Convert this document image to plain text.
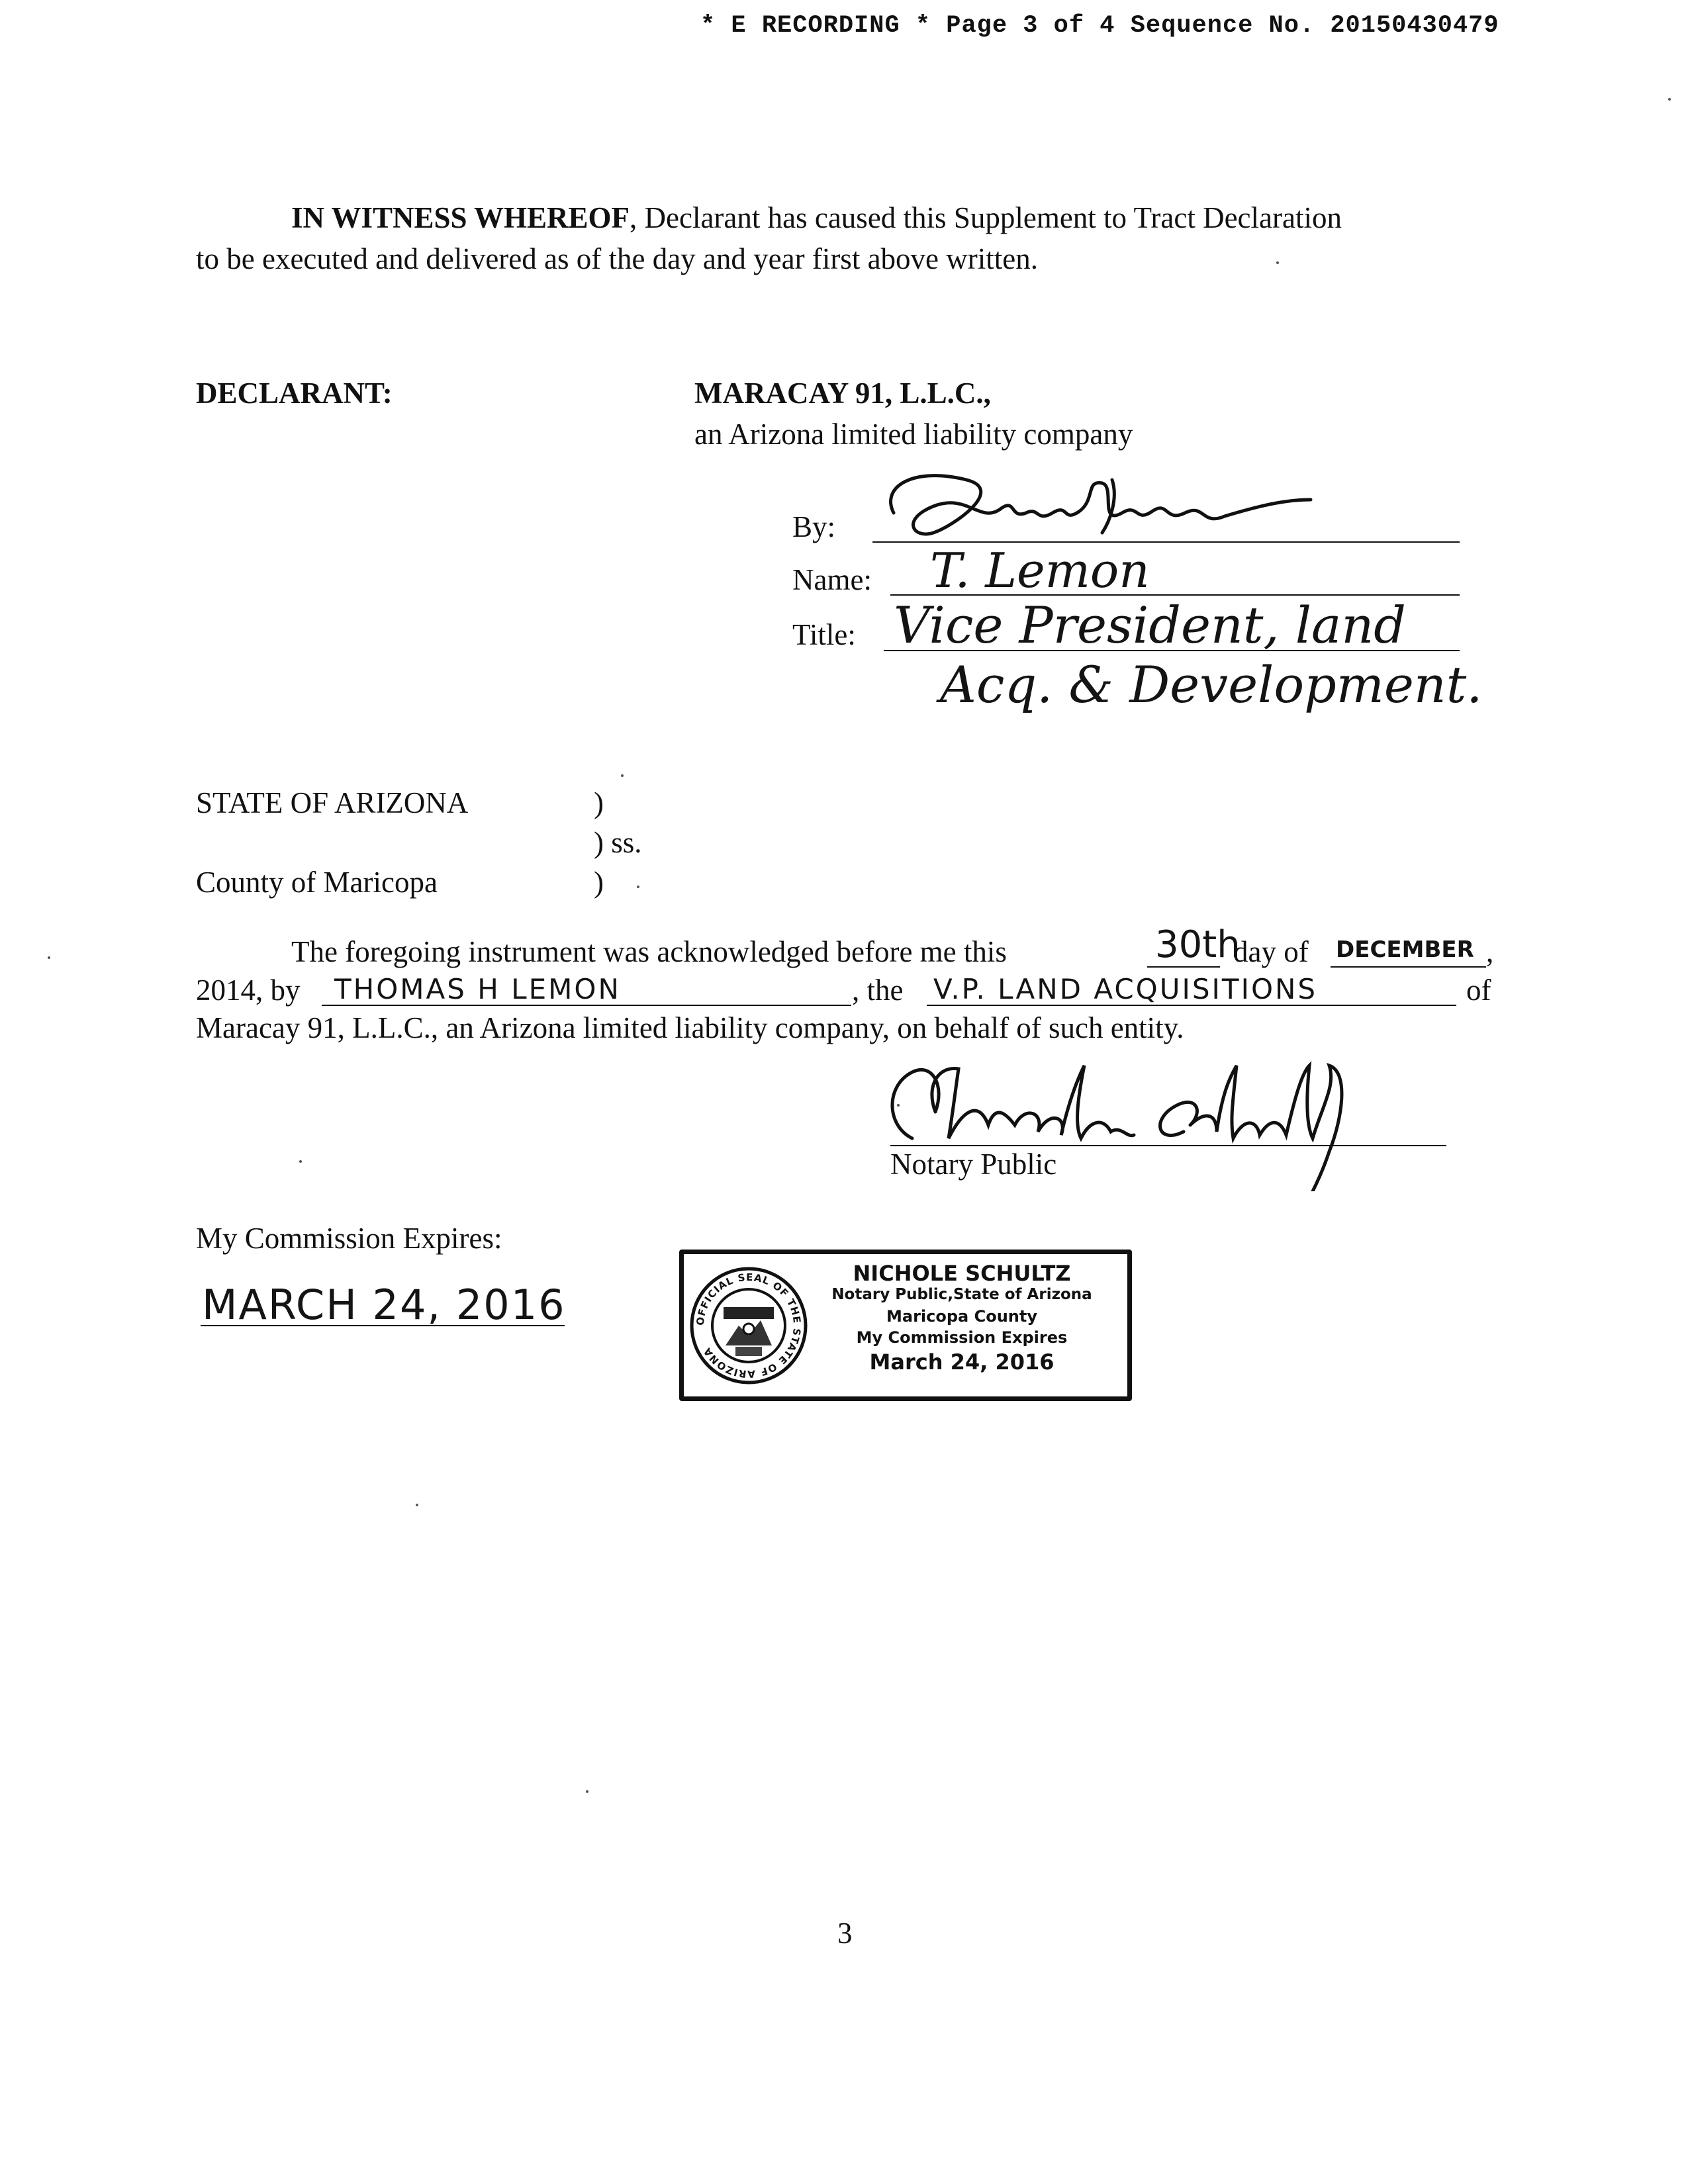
* E RECORDING * Page 3 of 4 Sequence No. 20150430479
IN WITNESS WHEREOF, Declarant has caused this Supplement to Tract Declaration
to be executed and delivered as of the day and year first above written.
DECLARANT:	MARACAY 91, L.L.C.,
an Arizona limited liability company
By:
Name: T. Lemon
Title: Vice President, land
Acq. & Development.
STATE OF ARIZONA	)
) ss.
County of Maricopa	)
The foregoing instrument was acknowledged before me this	30th
day of DECEMBER ,
2014, by THOMAS H LEMON	, the V.P. LAND ACQUISITIONS	of
Maracay 91, L.L.C., an Arizona limited liability company, on behalf of such entity.
Notary Public
My Commission Expires:
MARCH 24, 2016	OFFICIAL SEAL OF THE STATE OF ARIZONA
NICHOLE SCHULTZ
Notary Public,State of Arizona
Maricopa County
My Commission Expires
March 24, 2016
3
